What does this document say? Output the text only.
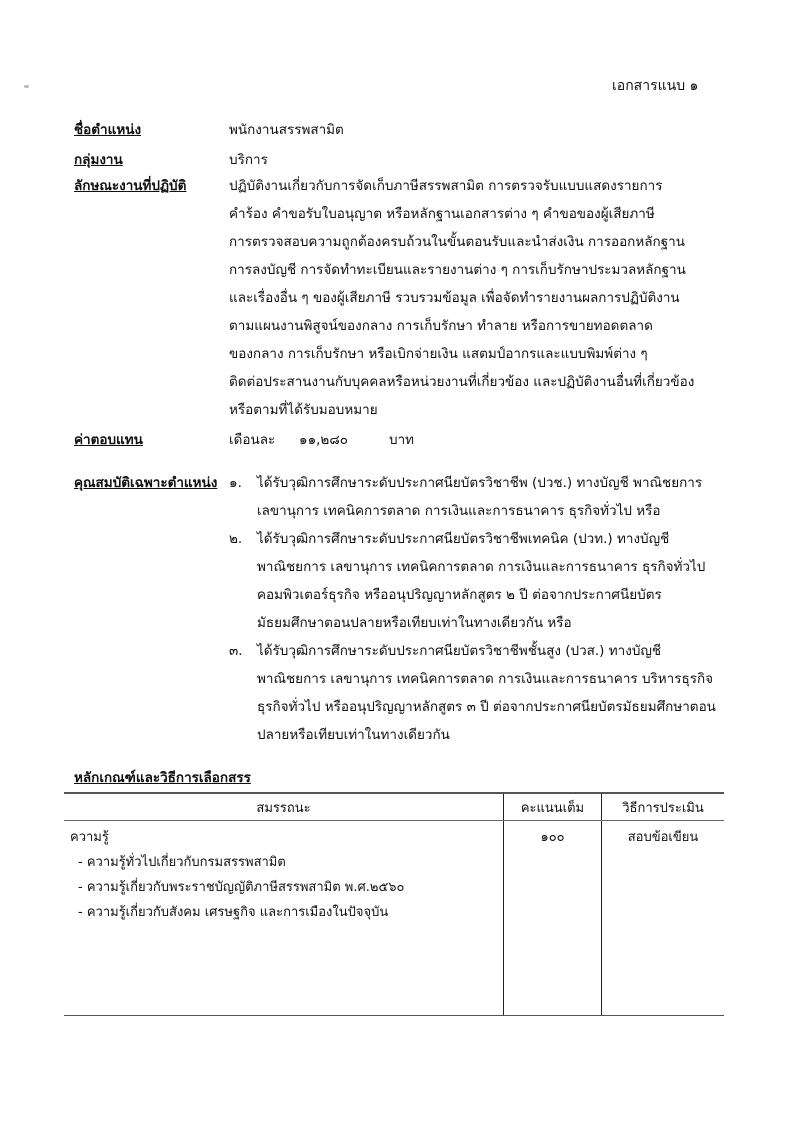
เอกสารแนบ ๑
ชื่อตำแหน่ง	พนักงานสรรพสามิต
กลุ่มงาน	บริการ
ลักษณะงานที่ปฏิบัติ	ปฏิบัติงานเกี่ยวกับการจัดเก็บภาษีสรรพสามิต การตรวจรับแบบแสดงรายการ
คำร้อง คำขอรับใบอนุญาต หรือหลักฐานเอกสารต่าง ๆ คำขอของผู้เสียภาษี
การตรวจสอบความถูกต้องครบถ้วนในขั้นตอนรับและนำส่งเงิน การออกหลักฐาน
การลงบัญชี การจัดทำทะเบียนและรายงานต่าง ๆ การเก็บรักษาประมวลหลักฐาน
และเรื่องอื่น ๆ ของผู้เสียภาษี รวบรวมข้อมูล เพื่อจัดทำรายงานผลการปฏิบัติงาน
ตามแผนงานพิสูจน์ของกลาง การเก็บรักษา ทำลาย หรือการขายทอดตลาด
ของกลาง การเก็บรักษา หรือเบิกจ่ายเงิน แสตมป์อากรและแบบพิมพ์ต่าง ๆ
ติดต่อประสานงานกับบุคคลหรือหน่วยงานที่เกี่ยวข้อง และปฏิบัติงานอื่นที่เกี่ยวข้อง
หรือตามที่ได้รับมอบหมาย
ค่าตอบแทน	เดือนละ	๑๑,๒๘๐	บาท
คุณสมบัติเฉพาะตำแหน่ง ๑. ได้รับวุฒิการศึกษาระดับประกาศนียบัตรวิชาชีพ (ปวช.) ทางบัญชี พาณิชยการ
เลขานุการ เทคนิคการตลาด การเงินและการธนาคาร ธุรกิจทั่วไป หรือ
๒. ได้รับวุฒิการศึกษาระดับประกาศนียบัตรวิชาชีพเทคนิค (ปวท.) ทางบัญชี
พาณิชยการ เลขานุการ เทคนิคการตลาด การเงินและการธนาคาร ธุรกิจทั่วไป
คอมพิวเตอร์ธุรกิจ หรืออนุปริญญาหลักสูตร ๒ ปี ต่อจากประกาศนียบัตร
มัธยมศึกษาตอนปลายหรือเทียบเท่าในทางเดียวกัน หรือ
๓. ได้รับวุฒิการศึกษาระดับประกาศนียบัตรวิชาชีพชั้นสูง (ปวส.) ทางบัญชี
พาณิชยการ เลขานุการ เทคนิคการตลาด การเงินและการธนาคาร บริหารธุรกิจ
ธุรกิจทั่วไป หรืออนุปริญญาหลักสูตร ๓ ปี ต่อจากประกาศนียบัตรมัธยมศึกษาตอน
ปลายหรือเทียบเท่าในทางเดียวกัน
หลักเกณฑ์และวิธีการเลือกสรร
สมรรถนะ	คะแนนเต็ม	วิธีการประเมิน

ความรู้
- ความรู้ทั่วไปเกี่ยวกับกรมสรรพสามิต
- ความรู้เกี่ยวกับพระราชบัญญัติภาษีสรรพสามิต พ.ศ.๒๕๖๐
- ความรู้เกี่ยวกับสังคม เศรษฐกิจ และการเมืองในปัจจุบัน	๑๐๐	สอบข้อเขียน
